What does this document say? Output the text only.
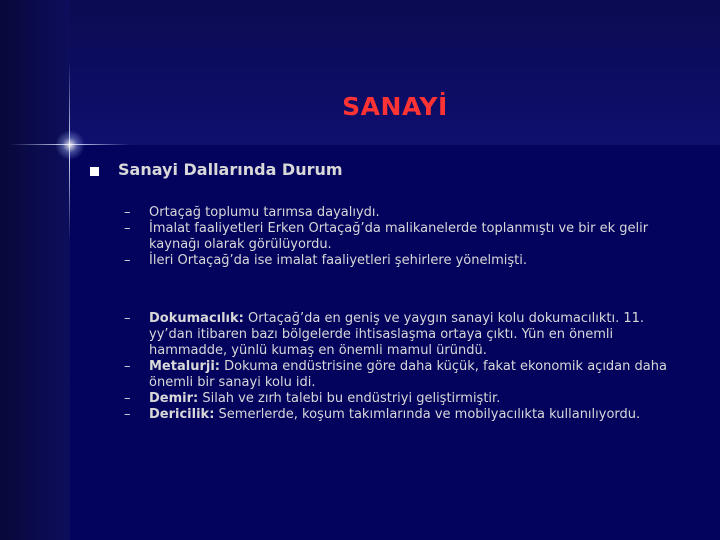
SANAYİ
Sanayi Dallarında Durum
– Ortaçağ toplumu tarımsa dayalıydı.
– İmalat faaliyetleri Erken Ortaçağ’da malikanelerde toplanmıştı ve bir ek gelir kaynağı olarak görülüyordu.
– İleri Ortaçağ’da ise imalat faaliyetleri şehirlere yönelmişti.
– Dokumacılık: Ortaçağ’da en geniş ve yaygın sanayi kolu dokumacılıktı. 11. yy’dan itibaren bazı bölgelerde ihtisaslaşma ortaya çıktı. Yün en önemli hammadde, yünlü kumaş en önemli mamul üründü.
– Metalurji: Dokuma endüstrisine göre daha küçük, fakat ekonomik açıdan daha önemli bir sanayi kolu idi.
– Demir: Silah ve zırh talebi bu endüstriyi geliştirmiştir.
– Dericilik: Semerlerde, koşum takımlarında ve mobilyacılıkta kullanılıyordu.
